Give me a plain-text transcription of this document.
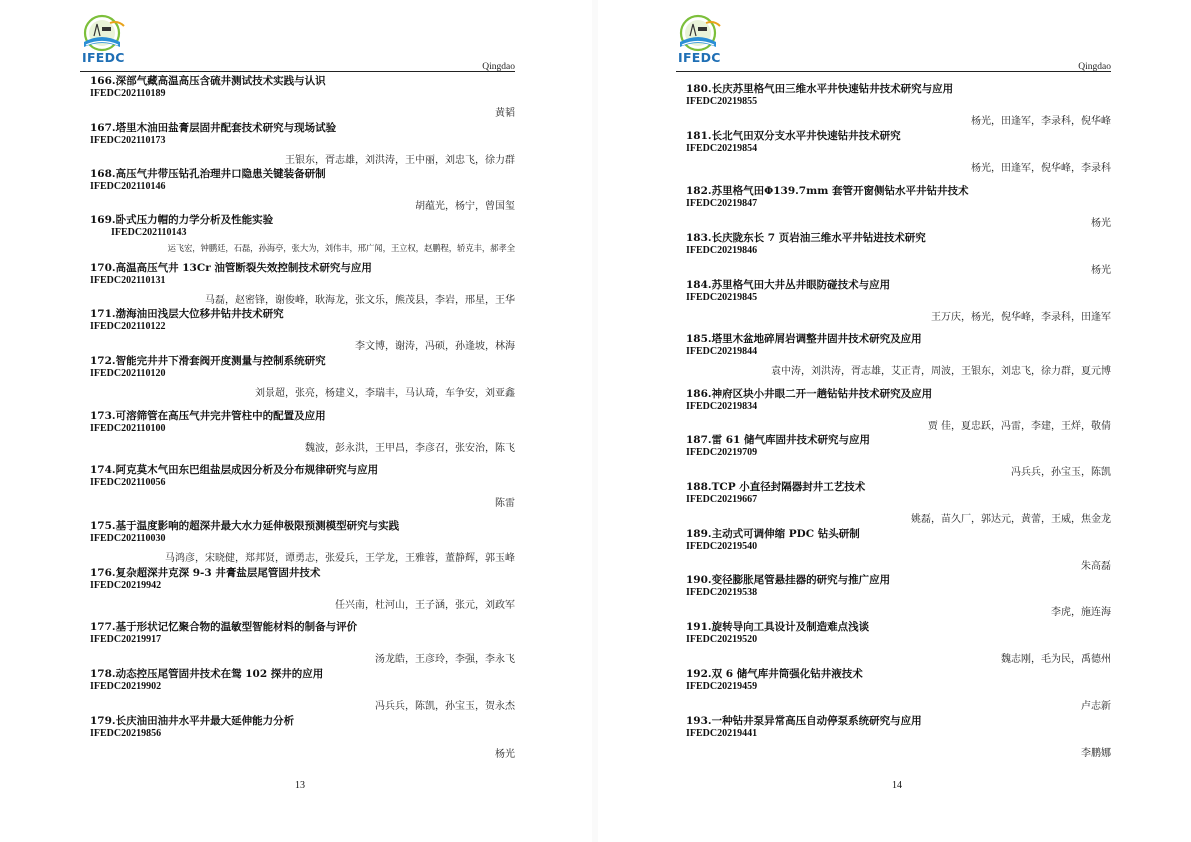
IFEDC
Qingdao
166.深部气藏高温高压含硫井测试技术实践与认识
IFEDC202110189
黄韬
167.塔里木油田盐膏层固井配套技术研究与现场试验
IFEDC202110173
王银东，胥志雄，刘洪涛，王中丽，刘忠飞，徐力群
168.高压气井带压钻孔治理井口隐患关键装备研制
IFEDC202110146
胡蕴光，杨宁，曾国玺
169.卧式压力帽的力学分析及性能实验
IFEDC202110143
运飞宏，钟鹏廷，石磊，孙海亭，张大为，刘伟丰，邢广闻，王立权，赵鹏程，轿克丰，郝孝全
170.高温高压气井 13Cr 油管断裂失效控制技术研究与应用
IFEDC202110131
马磊，赵密锋，谢俊峰，耿海龙，张文乐，熊茂县，李岩，邢星，王华
171.渤海油田浅层大位移井钻井技术研究
IFEDC202110122
李文博，谢涛，冯硕，孙逢坡，林海
172.智能完井井下滑套阀开度测量与控制系统研究
IFEDC202110120
刘景超，张亮，杨建义，李瑞丰，马认琦，车争安，刘亚鑫
173.可溶筛管在高压气井完井管柱中的配置及应用
IFEDC202110100
魏波，彭永洪，王甲昌，李彦召，张安治，陈飞
174.阿克莫木气田东巴组盐层成因分析及分布规律研究与应用
IFEDC202110056
陈雷
175.基于温度影响的超深井最大水力延伸极限预测模型研究与实践
IFEDC202110030
马鸿彦，宋晓健，郑邦贤，谭勇志，张爱兵，王学龙，王雅蓉，董静辉，郭玉峰
176.复杂超深井克深 9-3 井膏盐层尾管固井技术
IFEDC20219942
任兴南，杜河山，王子涵，张元，刘政军
177.基于形状记忆聚合物的温敏型智能材料的制备与评价
IFEDC20219917
汤龙皓，王彦玲，李强，李永飞
178.动态控压尾管固井技术在鸳 102 探井的应用
IFEDC20219902
冯兵兵，陈凯，孙宝玉，贺永杰
179.长庆油田油井水平井最大延伸能力分析
IFEDC20219856
杨光
13
IFEDC
Qingdao
180.长庆苏里格气田三维水平井快速钻井技术研究与应用
IFEDC20219855
杨光，田逢军，李录科，倪华峰
181.长北气田双分支水平井快速钻井技术研究
IFEDC20219854
杨光，田逢军，倪华峰，李录科
182.苏里格气田Φ139.7mm 套管开窗侧钻水平井钻井技术
IFEDC20219847
杨光
183.长庆陇东长 7 页岩油三维水平井钻进技术研究
IFEDC20219846
杨光
184.苏里格气田大井丛井眼防碰技术与应用
IFEDC20219845
王万庆，杨光，倪华峰，李录科，田逢军
185.塔里木盆地碎屑岩调整井固井技术研究及应用
IFEDC20219844
袁中涛，刘洪涛，胥志雄，艾正青，周波，王银东，刘忠飞，徐力群，夏元博
186.神府区块小井眼二开一趟钻钻井技术研究及应用
IFEDC20219834
贾 佳，夏忠跃，冯雷，李建，王烊，敬倩
187.雷 61 储气库固井技术研究与应用
IFEDC20219709
冯兵兵，孙宝玉，陈凯
188.TCP 小直径封隔器封井工艺技术
IFEDC20219667
姚磊，苗久厂，郭达元，黄蕾，王威，焦金龙
189.主动式可调伸缩 PDC 钻头研制
IFEDC20219540
朱高磊
190.变径膨胀尾管悬挂器的研究与推广应用
IFEDC20219538
李虎，施连海
191.旋转导向工具设计及制造难点浅谈
IFEDC20219520
魏志刚，毛为民，禹德州
192.双 6 储气库井筒强化钻井液技术
IFEDC20219459
卢志新
193.一种钻井泵异常高压自动停泵系统研究与应用
IFEDC20219441
李鹏娜
14
